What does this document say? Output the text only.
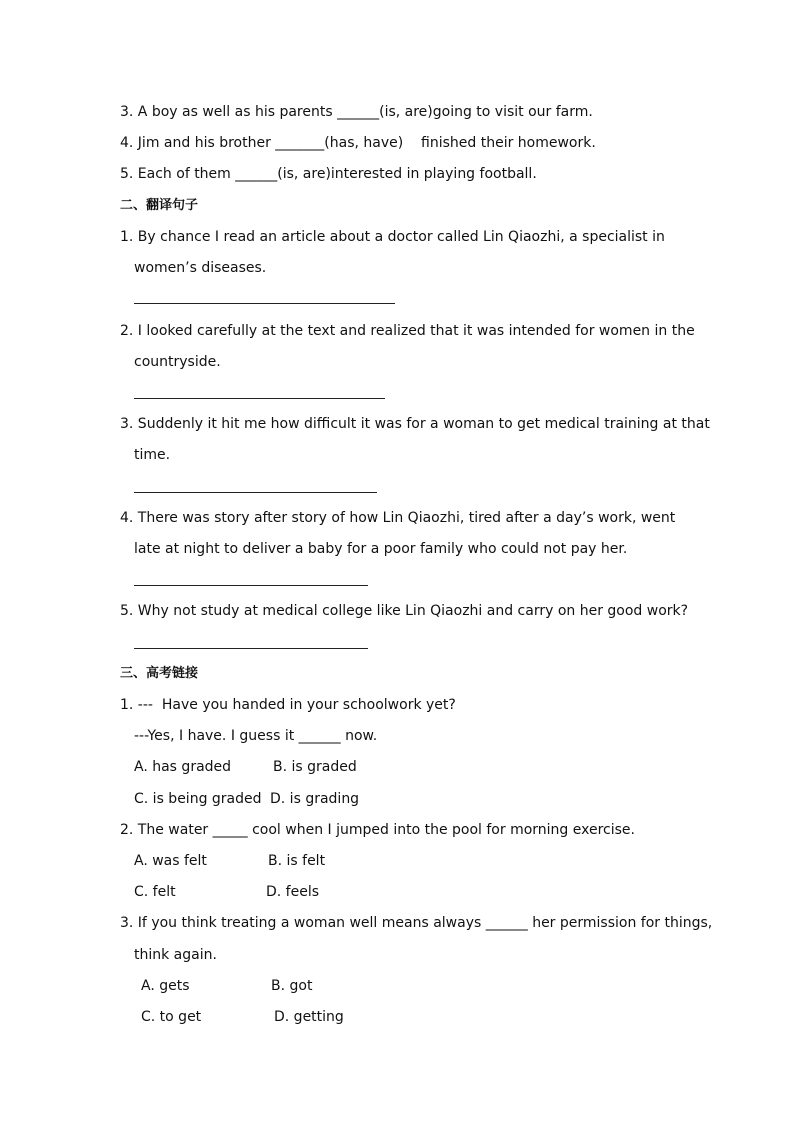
3. A boy as well as his parents ______(is, are)going to visit our farm.
4. Jim and his brother _______(has, have)    finished their homework.
5. Each of them ______(is, are)interested in playing football.
二、翻译句子
1. By chance I read an article about a doctor called Lin Qiaozhi, a specialist in
women’s diseases.
2. I looked carefully at the text and realized that it was intended for women in the
countryside.
3. Suddenly it hit me how difficult it was for a woman to get medical training at that
time.
4. There was story after story of how Lin Qiaozhi, tired after a day’s work, went
late at night to deliver a baby for a poor family who could not pay her.
5. Why not study at medical college like Lin Qiaozhi and carry on her good work?
三、高考链接
1. ---  Have you handed in your schoolwork yet?
---Yes, I have. I guess it ______ now.
A. has graded	B. is graded
C. is being graded D. is grading
2. The water _____ cool when I jumped into the pool for morning exercise.
A. was felt	B. is felt
C. felt	D. feels
3. If you think treating a woman well means always ______ her permission for things,
think again.
A. gets	B. got
C. to get	D. getting
